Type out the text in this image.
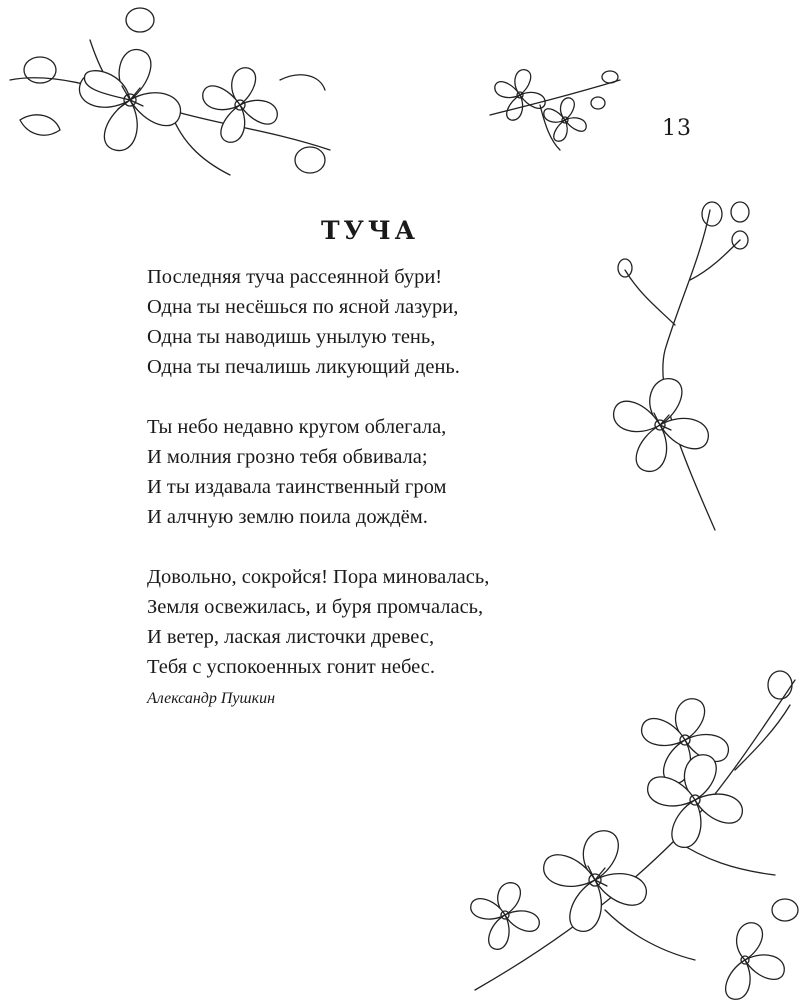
13
ТУЧА
Последняя туча рассеянной бури!
Одна ты несёшься по ясной лазури,
Одна ты наводишь унылую тень,
Одна ты печалишь ликующий день.
Ты небо недавно кругом облегала,
И молния грозно тебя обвивала;
И ты издавала таинственный гром
И алчную землю поила дождём.
Довольно, сокройся! Пора миновалась,
Земля освежилась, и буря промчалась,
И ветер, лаская листочки древес,
Тебя с успокоенных гонит небес.
Александр Пушкин
